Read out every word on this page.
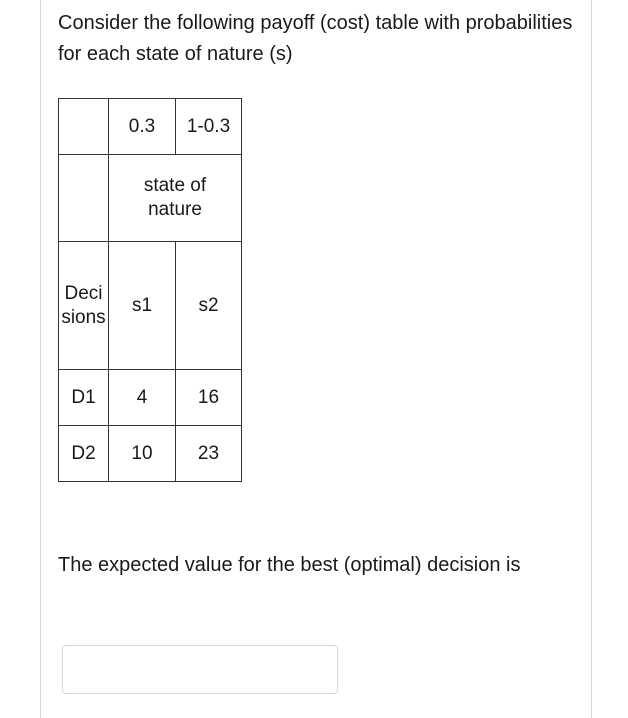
Consider the following payoff (cost) table with probabilities for each state of nature (s)

	0.3	1-0.3

	state of nature	

Decisions	s1	s2
D1	4	16
D2	10	23

The expected value for the best (optimal) decision is
